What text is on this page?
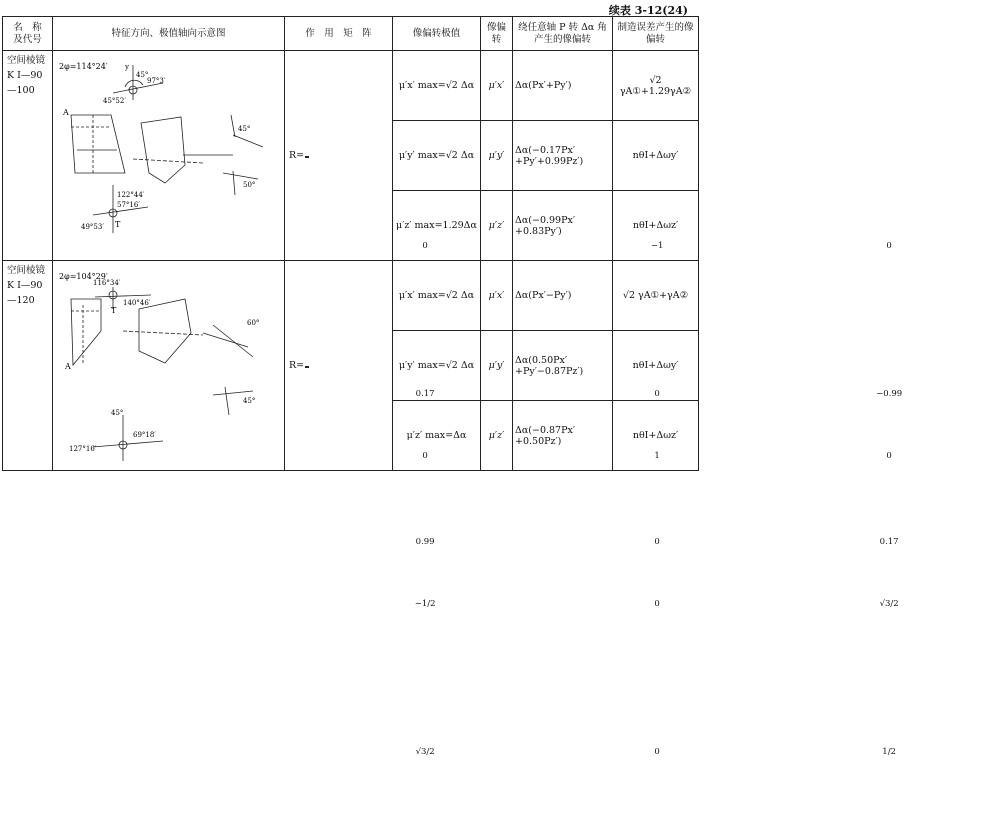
续表 3-12(24)
名　称
及代号	特征方向、极值轴向示意图	作　用　矩　阵	像偏转极值	像偏转	绕任意轴 P 转 Δα 角产生的像偏转	制造误差产生的像偏转

空间棱镜
K I—90
—100

2φ=114°24′ y
45°
45°52′
97°3′
A
45°
50°
122°44′
57°16′
49°53′ T
	R=
0	−1	0
0.17	0	−0.99
0.99	0	0.17
	μ′x′ max=√2 Δα	μ′x′	Δα(Px′+Py′)	√2 γA①+1.29γA②
μ′y′ max=√2 Δα	μ′y′	Δα(−0.17Px′
+Py′+0.99Pz′)	nθⅠ+Δωy′
μ′z′ max=1.29Δα	μ′z′	Δα(−0.99Px′
+0.83Py′)	nθⅠ+Δωz′

空间棱镜
K I—90
—120

2φ=104°29′
116°34′
140°46′
T
A
60°
45°
45°
127°16′
69°18′
	R=
0	1	0
−1/2	0	√3/2
√3/2	0	1/2
	μ′x′ max=√2 Δα	μ′x′	Δα(Px′−Py′)	√2 γA①+γA②
μ′y′ max=√2 Δα	μ′y′	Δα(0.50Px′
+Py′−0.87Pz′)	nθⅠ+Δωy′
μ′z′ max=Δα	μ′z′	Δα(−0.87Px′
+0.50Pz′)	nθⅠ+Δωz′
